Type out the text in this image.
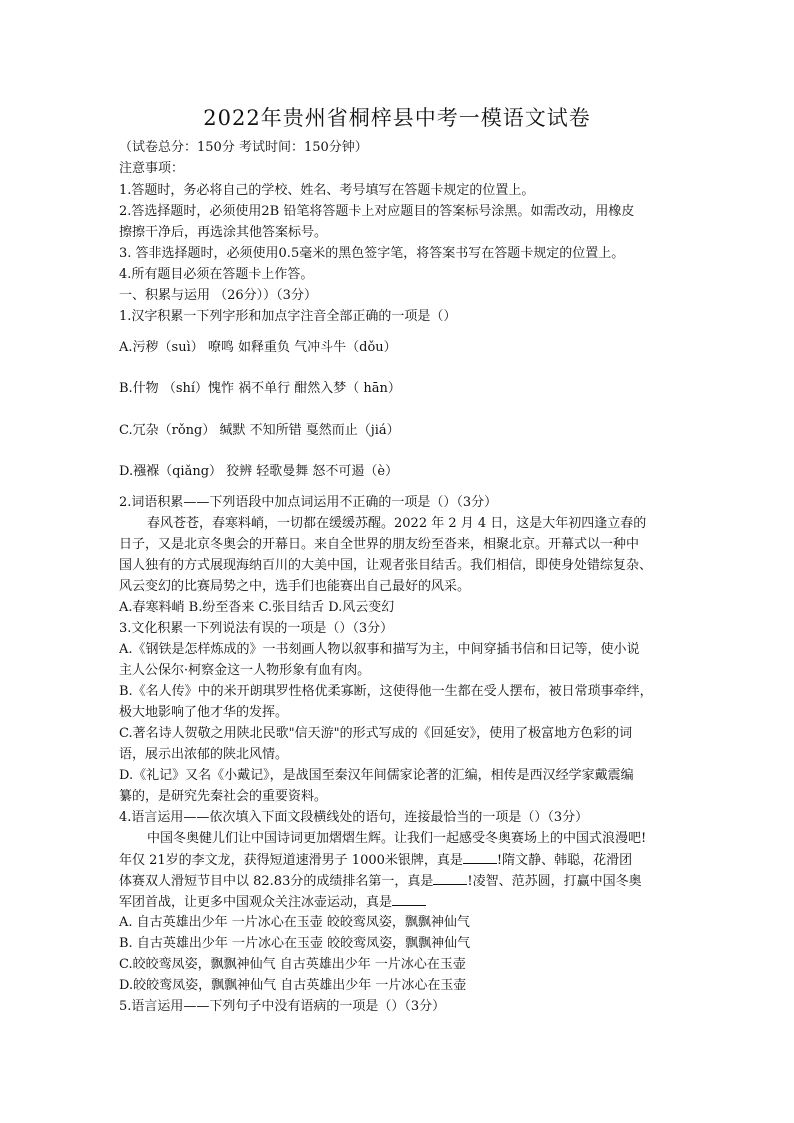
2022年贵州省桐梓县中考一模语文试卷
（试卷总分：150分 考试时间：150分钟）
注意事项：
1.答题时，务必将自己的学校、姓名、考号填写在答题卡规定的位置上。
2.答选择题时，必须使用2B 铅笔将答题卡上对应题目的答案标号涂黑。如需改动，用橡皮
擦擦干净后，再选涂其他答案标号。
3. 答非选择题时，必须使用0.5毫米的黑色签字笔，将答案书写在答题卡规定的位置上。
4.所有题目必须在答题卡上作答。
一、积累与运用 （26分））（3分）
1.汉字积累一下列字形和加点字注音全部正确的一项是（）
A.污秽（suì） 嘹鸣 如释重负 气冲斗牛（dǒu）
B.什物 （shí）愧怍 祸不单行 酣然入梦（ hān）
C.冗杂（rǒng） 缄默 不知所错 戛然而止（jiá）
D.襁褓（qiǎng） 狡辨 轻歌曼舞 怒不可遏（è）
2.词语积累——下列语段中加点词运用不正确的一项是（）（3分）
春风苍苍，春寒料峭，一切都在缓缓苏醒。2022 年 2 月 4 日，这是大年初四逢立春的
日子，又是北京冬奥会的开幕日。来自全世界的朋友纷至沓来，相聚北京。开幕式以一种中
国人独有的方式展现海纳百川的大美中国，让观者张目结舌。我们相信，即使身处错综复杂、
风云变幻的比赛局势之中，选手们也能赛出自己最好的风采。
A.春寒料峭 B.纷至沓来 C.张目结舌 D.风云变幻
3.文化积累一下列说法有误的一项是（）（3分）
A.《钢铁是怎样炼成的》一书刻画人物以叙事和描写为主，中间穿插书信和日记等，使小说
主人公保尔·柯察金这一人物形象有血有肉。
B.《名人传》中的米开朗琪罗性格优柔寡断，这使得他一生都在受人摆布，被日常琐事牵绊，
极大地影响了他才华的发挥。
C.著名诗人贺敬之用陕北民歌"信天游"的形式写成的《回延安》，使用了极富地方色彩的词
语，展示出浓郁的陕北风情。
D.《礼记》又名《小戴记》，是战国至秦汉年间儒家论著的汇编，相传是西汉经学家戴震编
纂的，是研究先秦社会的重要资料。
4.语言运用——依次填入下面文段横线处的语句，连接最恰当的一项是（）（3分）
中国冬奥健儿们让中国诗词更加熠熠生辉。让我们一起感受冬奥赛场上的中国式浪漫吧!
年仅 21岁的李文龙，获得短道速滑男子 1000米银牌，真是	!隋文静、韩聪，花滑团
体赛双人滑短节目中以 82.83分的成绩排名第一，真是	!凌智、范苏圆，打赢中国冬奥
军团首战，让更多中国观众关注冰壶运动，真是
A. 自古英雄出少年 一片冰心在玉壶 皎皎鸾凤姿，飘飘神仙气
B. 自古英雄出少年 一片冰心在玉壶 皎皎鸾凤姿，飘飘神仙气
C.皎皎鸾凤姿，飘飘神仙气 自古英雄出少年 一片冰心在玉壶
D.皎皎鸾凤姿，飘飘神仙气 自古英雄出少年 一片冰心在玉壶
5.语言运用——下列句子中没有语病的一项是（）（3分）
